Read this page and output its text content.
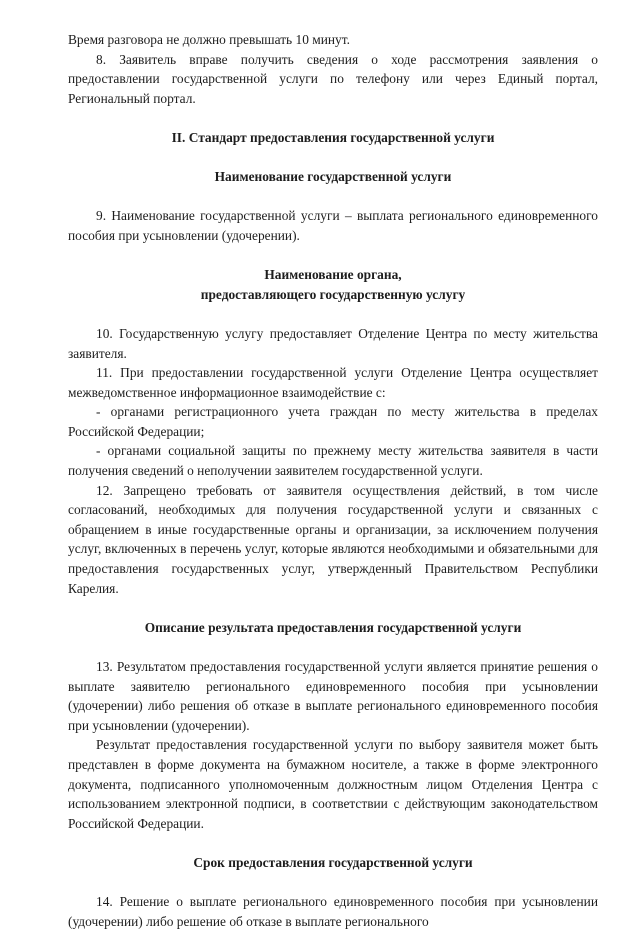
Время разговора не должно превышать 10 минут.

8. Заявитель вправе получить сведения о ходе рассмотрения заявления о предоставлении государственной услуги по телефону или через Единый портал, Региональный портал.

II. Стандарт предоставления государственной услуги
Наименование государственной услуги

9. Наименование государственной услуги – выплата регионального единовременного пособия при усыновлении (удочерении).

Наименование органа,
предоставляющего государственную услугу

10. Государственную услугу предоставляет Отделение Центра по месту жительства заявителя.

11. При предоставлении государственной услуги Отделение Центра осуществляет межведомственное информационное взаимодействие с:

- органами регистрационного учета граждан по месту жительства в пределах Российской Федерации;

- органами социальной защиты по прежнему месту жительства заявителя в части получения сведений о неполучении заявителем государственной услуги.

12. Запрещено требовать от заявителя осуществления действий, в том числе согласований, необходимых для получения государственной услуги и связанных с обращением в иные государственные органы и организации, за исключением получения услуг, включенных в перечень услуг, которые являются необходимыми и обязательными для предоставления государственных услуг, утвержденный Правительством Республики Карелия.

Описание результата предоставления государственной услуги

13. Результатом предоставления государственной услуги является принятие решения о выплате заявителю регионального единовременного пособия при усыновлении (удочерении) либо решения об отказе в выплате регионального единовременного пособия при усыновлении (удочерении).

Результат предоставления государственной услуги по выбору заявителя может быть представлен в форме документа на бумажном носителе, а также в форме электронного документа, подписанного уполномоченным должностным лицом Отделения Центра с использованием электронной подписи, в соответствии с действующим законодательством Российской Федерации.

Срок предоставления государственной услуги

14. Решение о выплате регионального единовременного пособия при усыновлении (удочерении) либо решение об отказе в выплате регионального
